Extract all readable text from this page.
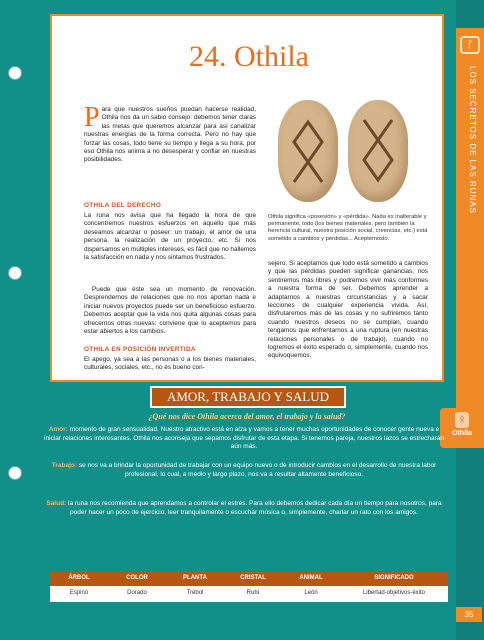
ᚠ
LOS SECRETOS DE LAS RUNAS
ᛟ
Othila
35
24. Othila
P ara que nuestros sueños puedan hacerse realidad, Othila nos da un sabio consejo: debemos tener claras las metas que queremos alcanzar para así canalizar nuestras energías de la forma correcta. Pero no hay que forzar las cosas, todo tiene su tiempo y llega a su hora, por eso Othila nos anima a no desesperar y confiar en nuestras posibilidades.
OTHILA DEL DERECHO
La runa nos avisa que ha llegado la hora de que concentremos nuestros esfuerzos en aquello que más deseamos alcanzar o poseer: un trabajo, el amor de una persona, la realización de un proyecto, etc. Si nos dispersamos en múltiples intereses, es fácil que no hallemos la satisfacción en nada y nos sintamos frustrados.
Puede que éste sea un momento de renovación. Desprendernos de relaciones que no nos aportan nada e iniciar nuevos proyectos puede ser un beneficioso esfuerzo. Debemos aceptar que la vida nos quita algunas cosas para ofrecernos otras nuevas; conviene que lo aceptemos para estar abiertos a los cambios.
OTHILA EN POSICIÓN INVERTIDA
El apego, ya sea a las personas o a los bienes materiales, culturales, sociales, etc., no es bueno con-
Othila significa «posesión» y «pérdida». Nada es inalterable y permanente, todo (los bienes materiales, pero también la herencia cultural, nuestra posición social, creencias, etc.) está sometido a cambios y pérdidas... Aceptémoslo.
sejero. Si aceptamos que todo está sometido a cambios y que las pérdidas pueden significar ganancias, nos sentiremos más libres y podremos vivir más conformes a nuestra forma de ser. Debemos aprender a adaptarnos a nuestras circunstancias y a sacar lecciones de cualquier experiencia vivida. Así, disfrutaremos más de las cosas y no sufriremos tanto cuando nuestros deseos no se cumplan, cuando tengamos que enfrentarnos a una ruptura (en nuestras relaciones personales o de trabajo), cuando no logremos el éxito esperado o, simplemente, cuando nos equivoquemos.
AMOR, TRABAJO Y SALUD
¿Qué nos dice Othila acerca del amor, el trabajo y la salud?
Amor: momento de gran sensualidad. Nuestro atractivo está en alza y vamos a tener muchas oportunidades de conocer gente nueva e iniciar relaciones interesantes. Othila nos aconseja que sepamos disfrutar de esta etapa. Si tenemos pareja, nuestros lazos se estrecharán aún más.
Trabajo: se nos va a brindar la oportunidad de trabajar con un equipo nuevo o de introducir cambios en el desarrollo de nuestra labor profesional, lo cual, a medio y largo plazo, nos va a resultar altamente beneficioso.
Salud: la runa nos recomienda que aprendamos a controlar el estrés. Para ello debemos dedicar cada día un tiempo para nosotros, para poder hacer un poco de ejercicio, leer tranquilamente o escuchar música o, simplemente, charlar un rato con los amigos.
ÁRBOL	COLOR	PLANTA	CRISTAL	ANIMAL	SIGNIFICADO
Espino	Dorado	Trébol	Rubí	León	Libertad-objetivos-éxito
